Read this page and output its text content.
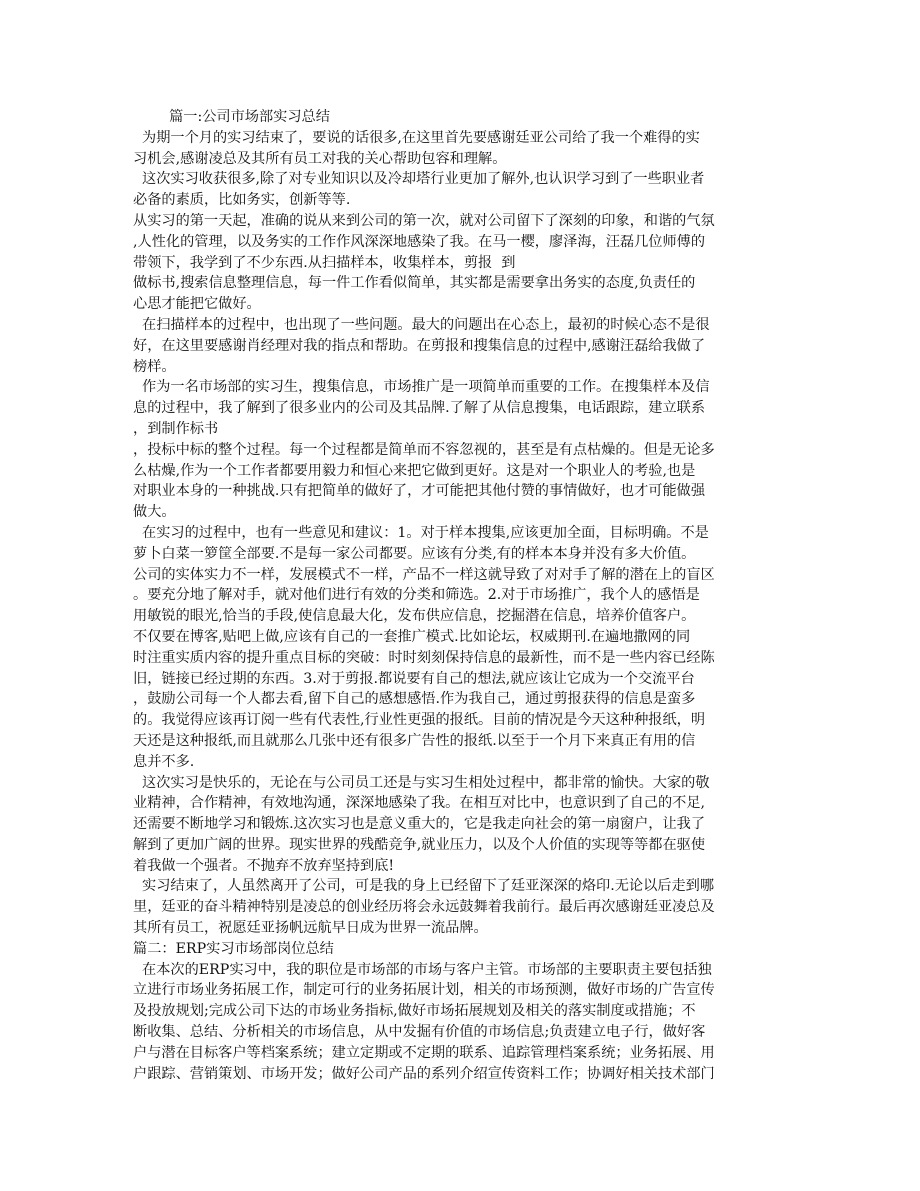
篇一:公司市场部实习总结
为期一个月的实习结束了，要说的话很多,在这里首先要感谢廷亚公司给了我一个难得的实
习机会,感谢凌总及其所有员工对我的关心帮助包容和理解。
这次实习收获很多,除了对专业知识以及冷却塔行业更加了解外,也认识学习到了一些职业者
必备的素质，比如务实，创新等等.
从实习的第一天起，准确的说从来到公司的第一次，就对公司留下了深刻的印象，和谐的气氛
,人性化的管理，以及务实的工作作风深深地感染了我。在马一樱，廖泽海，汪磊几位师傅的
带领下，我学到了不少东西.从扫描样本，收集样本，剪报  到
做标书,搜索信息整理信息，每一件工作看似简单，其实都是需要拿出务实的态度,负责任的
心思才能把它做好。
在扫描样本的过程中，也出现了一些问题。最大的问题出在心态上，最初的时候心态不是很
好，在这里要感谢肖经理对我的指点和帮助。在剪报和搜集信息的过程中,感谢汪磊给我做了
榜样。
作为一名市场部的实习生，搜集信息，市场推广是一项简单而重要的工作。在搜集样本及信
息的过程中，我了解到了很多业内的公司及其品牌.了解了从信息搜集，电话跟踪，建立联系
，到制作标书
，投标中标的整个过程。每一个过程都是简单而不容忽视的，甚至是有点枯燥的。但是无论多
么枯燥,作为一个工作者都要用毅力和恒心来把它做到更好。这是对一个职业人的考验,也是
对职业本身的一种挑战.只有把简单的做好了，才可能把其他付赞的事情做好，也才可能做强
做大。
在实习的过程中，也有一些意见和建议：1。对于样本搜集,应该更加全面，目标明确。不是
萝卜白菜一箩筐全部要.不是每一家公司都要。应该有分类,有的样本本身并没有多大价值。
公司的实体实力不一样，发展模式不一样，产品不一样这就导致了对对手了解的潜在上的盲区
。要充分地了解对手，就对他们进行有效的分类和筛选。2.对于市场推广，我个人的感悟是
用敏锐的眼光,恰当的手段,使信息最大化，发布供应信息，挖掘潜在信息，培养价值客户。
不仅要在博客,贴吧上做,应该有自己的一套推广模式.比如论坛，权威期刊.在遍地撒网的同
时注重实质内容的提升重点目标的突破：时时刻刻保持信息的最新性，而不是一些内容已经陈
旧，链接已经过期的东西。3.对于剪报.都说要有自己的想法,就应该让它成为一个交流平台
，鼓励公司每一个人都去看,留下自己的感想感悟.作为我自己，通过剪报获得的信息是蛮多
的。我觉得应该再订阅一些有代表性,行业性更强的报纸。目前的情况是今天这种种报纸，明
天还是这种报纸,而且就那么几张中还有很多广告性的报纸.以至于一个月下来真正有用的信
息并不多.
这次实习是快乐的，无论在与公司员工还是与实习生相处过程中，都非常的愉快。大家的敬
业精神，合作精神，有效地沟通，深深地感染了我。在相互对比中，也意识到了自己的不足,
还需要不断地学习和锻炼.这次实习也是意义重大的，它是我走向社会的第一扇窗户，让我了
解到了更加广阔的世界。现实世界的残酷竞争,就业压力，以及个人价值的实现等等都在驱使
着我做一个强者。不抛弃不放弃坚持到底!
实习结束了，人虽然离开了公司，可是我的身上已经留下了廷亚深深的烙印.无论以后走到哪
里，廷亚的奋斗精神特别是凌总的创业经历将会永远鼓舞着我前行。最后再次感谢廷亚凌总及
其所有员工，祝愿廷亚扬帆远航早日成为世界一流品牌。
篇二：ERP实习市场部岗位总结
在本次的ERP实习中，我的职位是市场部的市场与客户主管。市场部的主要职责主要包括独
立进行市场业务拓展工作，制定可行的业务拓展计划，相关的市场预测，做好市场的广告宣传
及投放规划;完成公司下达的市场业务指标,做好市场拓展规划及相关的落实制度或措施；不
断收集、总结、分析相关的市场信息，从中发掘有价值的市场信息;负责建立电子行，做好客
户与潜在目标客户等档案系统；建立定期或不定期的联系、追踪管理档案系统；业务拓展、用
户跟踪、营销策划、市场开发；做好公司产品的系列介绍宣传资料工作；协调好相关技术部门
